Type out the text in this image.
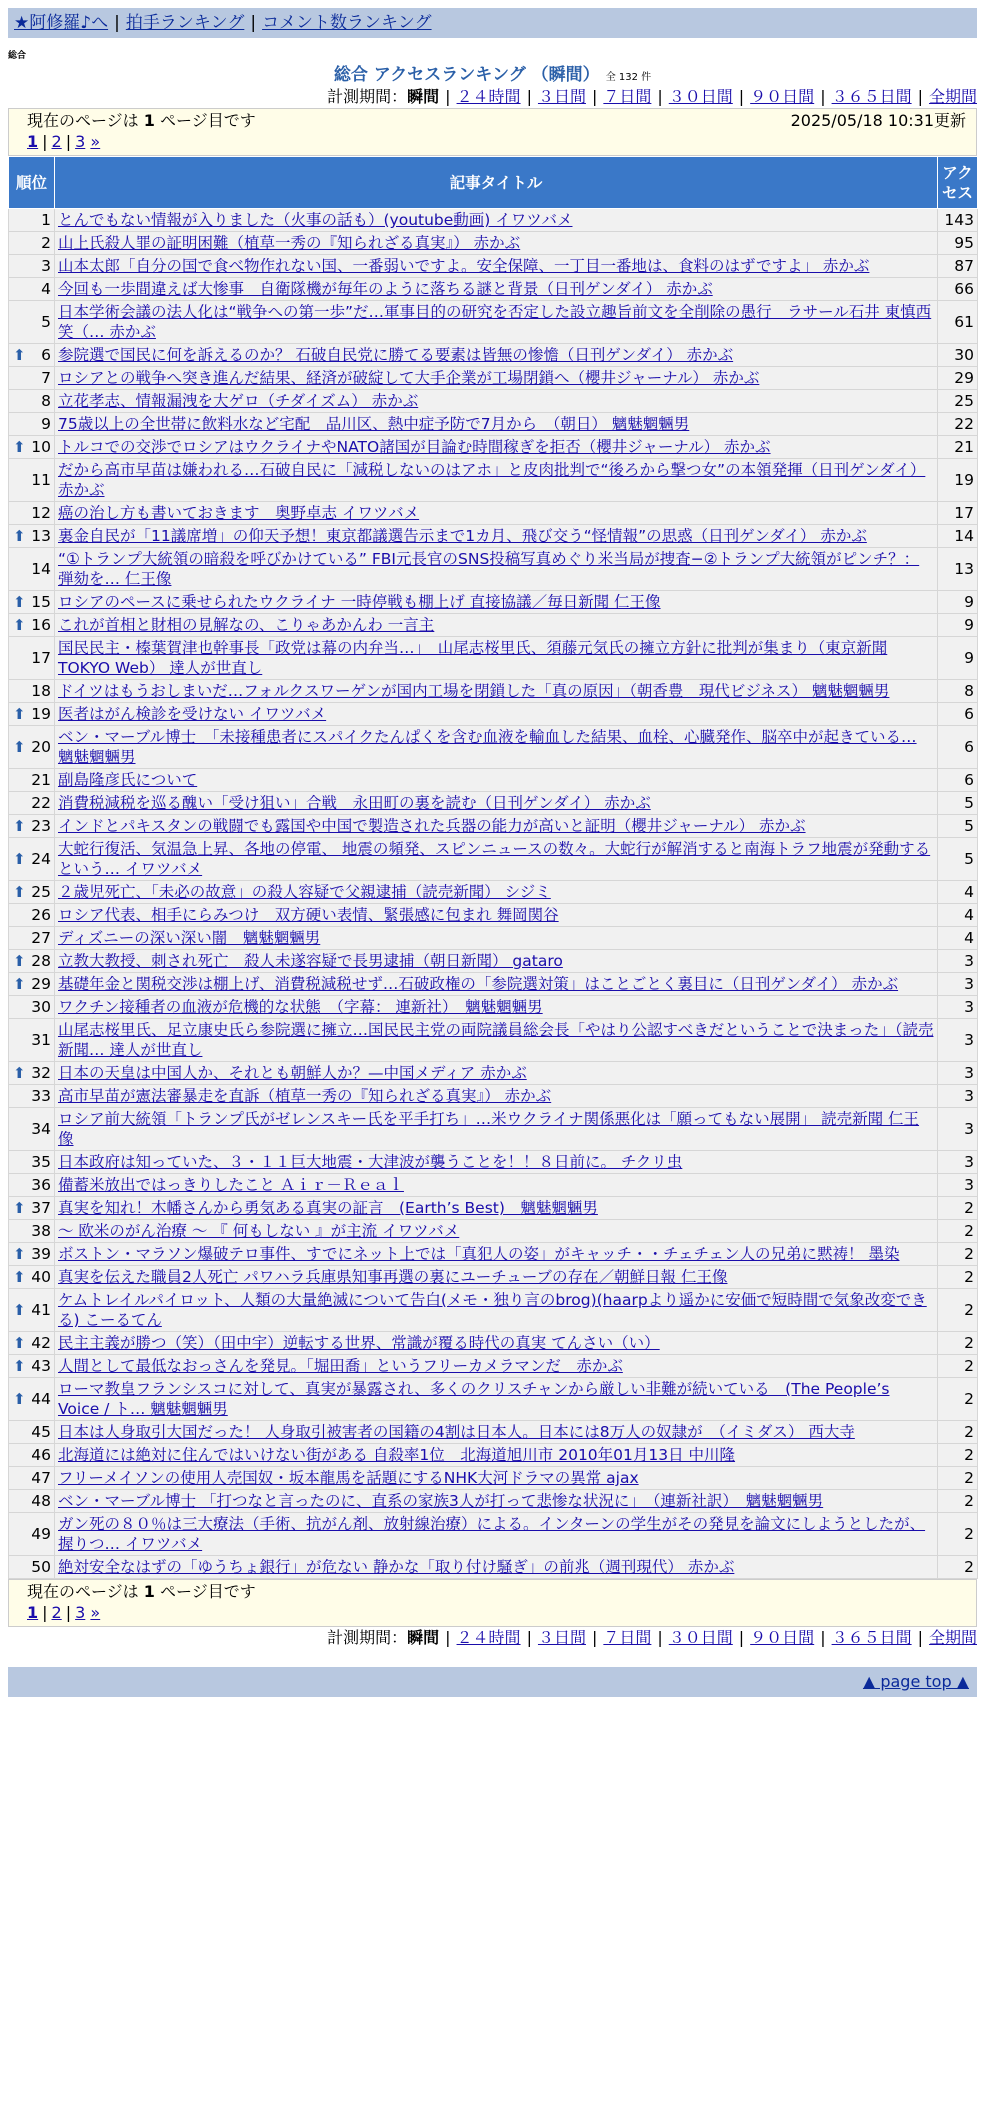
★阿修羅♪へ | 拍手ランキング | コメント数ランキング
総合
総合 アクセスランキング （瞬間） 全 132 件
計測期間：瞬間 | ２４時間 | ３日間 | ７日間 | ３０日間 | ９０日間 | ３６５日間 | 全期間
現在のページは 1 ページ目です	2025/05/18 10:31更新
1 | 2 | 3 »
順位	記事タイトル	アクセス
1	とんでもない情報が入りました（火事の話も）(youtube動画) イワツバメ	143
2	山上氏殺人罪の証明困難（植草一秀の『知られざる真実』） 赤かぶ	95
3	山本太郎「自分の国で食べ物作れない国、一番弱いですよ。安全保障、一丁目一番地は、食料のはずですよ」 赤かぶ	87
4	今回も一歩間違えば大惨事　自衛隊機が毎年のように落ちる謎と背景（日刊ゲンダイ） 赤かぶ	66
5	日本学術会議の法人化は“戦争への第一歩”だ…軍事目的の研究を否定した設立趣旨前文を全削除の愚行　ラサール石井 東慎西笑（… 赤かぶ	61

⬆ 6	参院選で国民に何を訴えるのか？ 石破自民党に勝てる要素は皆無の惨憺（日刊ゲンダイ） 赤かぶ	30
7	ロシアとの戦争へ突き進んだ結果、経済が破綻して大手企業が工場閉鎖へ（櫻井ジャーナル） 赤かぶ	29
8	立花孝志、情報漏洩を大ゲロ（チダイズム） 赤かぶ	25
9	75歳以上の全世帯に飲料水など宅配　品川区、熱中症予防で7月から　（朝日） 魑魅魍魎男	22

⬆ 10	トルコでの交渉でロシアはウクライナやNATO諸国が目論む時間稼ぎを拒否（櫻井ジャーナル） 赤かぶ	21
11	だから高市早苗は嫌われる…石破自民に「減税しないのはアホ」と皮肉批判で“後ろから撃つ女”の本領発揮（日刊ゲンダイ） 赤かぶ	19
12	癌の治し方も書いておきます　奥野卓志 イワツバメ	17

⬆ 13	裏金自民が「11議席増」の仰天予想！東京都議選告示まで1カ月、飛び交う“怪情報”の思惑（日刊ゲンダイ） 赤かぶ	14
14	“①トランプ大統領の暗殺を呼びかけている” FBI元長官のSNS投稿写真めぐり米当局が捜査−②トランプ大統領がピンチ？：弾劾を… 仁王像	13

⬆ 15	ロシアのペースに乗せられたウクライナ 一時停戦も棚上げ 直接協議／毎日新聞 仁王像	9

⬆ 16	これが首相と財相の見解なの、こりゃあかんわ 一言主	9
17	国民民主・榛葉賀津也幹事長「政党は幕の内弁当…」　山尾志桜里氏、須藤元気氏の擁立方針に批判が集まり（東京新聞TOKYO Web） 達人が世直し	9
18	ドイツはもうおしまいだ…フォルクスワーゲンが国内工場を閉鎖した「真の原因」（朝香豊　現代ビジネス） 魑魅魍魎男	8

⬆ 19	医者はがん検診を受けない イワツバメ	6

⬆ 20	ベン・マーブル博士　「未接種患者にスパイクたんぱくを含む血液を輸血した結果、血栓、心臓発作、脳卒中が起きている… 魑魅魍魎男	6
21	副島隆彦氏について	6
22	消費税減税を巡る醜い「受け狙い」合戦　永田町の裏を読む（日刊ゲンダイ） 赤かぶ	5

⬆ 23	インドとパキスタンの戦闘でも露国や中国で製造された兵器の能力が高いと証明（櫻井ジャーナル） 赤かぶ	5

⬆ 24	大蛇行復活、気温急上昇、各地の停電、 地震の頻発、スピンニュースの数々。大蛇行が解消すると南海トラフ地震が発動するという… イワツバメ	5

⬆ 25	２歳児死亡、「未必の故意」の殺人容疑で父親逮捕（読売新聞） シジミ	4
26	ロシア代表、相手にらみつけ　双方硬い表情、緊張感に包まれ 舞岡関谷	4
27	ディズニーの深い深い闇　魑魅魍魎男	4

⬆ 28	立教大教授、刺され死亡　殺人未遂容疑で長男逮捕（朝日新聞） gataro	3

⬆ 29	基礎年金と関税交渉は棚上げ、消費税減税せず…石破政権の「参院選対策」はことごとく裏目に（日刊ゲンダイ） 赤かぶ	3
30	ワクチン接種者の血液が危機的な状態　（字幕： 連新社）　魑魅魍魎男	3
31	山尾志桜里氏、足立康史氏ら参院選に擁立…国民民主党の両院議員総会長「やはり公認すべきだということで決まった」（読売新聞… 達人が世直し	3

⬆ 32	日本の天皇は中国人か、それとも朝鮮人か？—中国メディア 赤かぶ	3
33	高市早苗が憲法審暴走を直訴（植草一秀の『知られざる真実』） 赤かぶ	3
34	ロシア前大統領「トランプ氏がゼレンスキー氏を平手打ち」…米ウクライナ関係悪化は「願ってもない展開」 読売新聞 仁王像	3
35	日本政府は知っていた、３・１１巨大地震・大津波が襲うことを！！８日前に。 チクリ虫	3
36	備蓄米放出ではっきりしたこと Ａｉｒ－Ｒｅａｌ	3

⬆ 37	真実を知れ！木幡さんから勇気ある真実の証言　(Earth’s Best)　魑魅魍魎男	2
38	〜 欧米のがん治療 〜 『 何もしない 』が主流 イワツバメ	2

⬆ 39	ボストン・マラソン爆破テロ事件、すでにネット上では「真犯人の姿」がキャッチ・・チェチェン人の兄弟に黙祷！ 墨染	2

⬆ 40	真実を伝えた職員2人死亡 パワハラ兵庫県知事再選の裏にユーチューブの存在／朝鮮日報 仁王像	2

⬆ 41	ケムトレイルパイロット、人類の大量絶滅について告白(メモ・独り言のbrog)(haarpより遥かに安価で短時間で気象改変できる) こーるてん	2

⬆ 42	民主主義が勝つ（笑）（田中宇）逆転する世界、常識が覆る時代の真実 てんさい（い）	2

⬆ 43	人間として最低なおっさんを発見。「堀田喬」というフリーカメラマンだ　赤かぶ	2

⬆ 44	ローマ教皇フランシスコに対して、真実が暴露され、多くのクリスチャンから厳しい非難が続いている　(The People’s Voice / ト… 魑魅魍魎男	2
45	日本は人身取引大国だった！ 人身取引被害者の国籍の4割は日本人。日本には8万人の奴隷が　（イミダス） 西大寺	2
46	北海道には絶対に住んではいけない街がある 自殺率1位　北海道旭川市 2010年01月13日 中川隆	2
47	フリーメイソンの使用人売国奴・坂本龍馬を話題にするNHK大河ドラマの異常 ajax	2
48	ベン・マーブル博士 「打つなと言ったのに、直系の家族3人が打って悲惨な状況に」　（連新社訳）　魑魅魍魎男	2
49	ガン死の８０％は三大療法（手術、抗がん剤、放射線治療）による。インターンの学生がその発見を論文にしようとしたが、握りつ… イワツバメ	2
50	絶対安全なはずの「ゆうちょ銀行」が危ない 静かな「取り付け騒ぎ」の前兆（週刊現代） 赤かぶ	2
現在のページは 1 ページ目です
1 | 2 | 3 »
計測期間：瞬間 | ２４時間 | ３日間 | ７日間 | ３０日間 | ９０日間 | ３６５日間 | 全期間
▲ page top ▲
